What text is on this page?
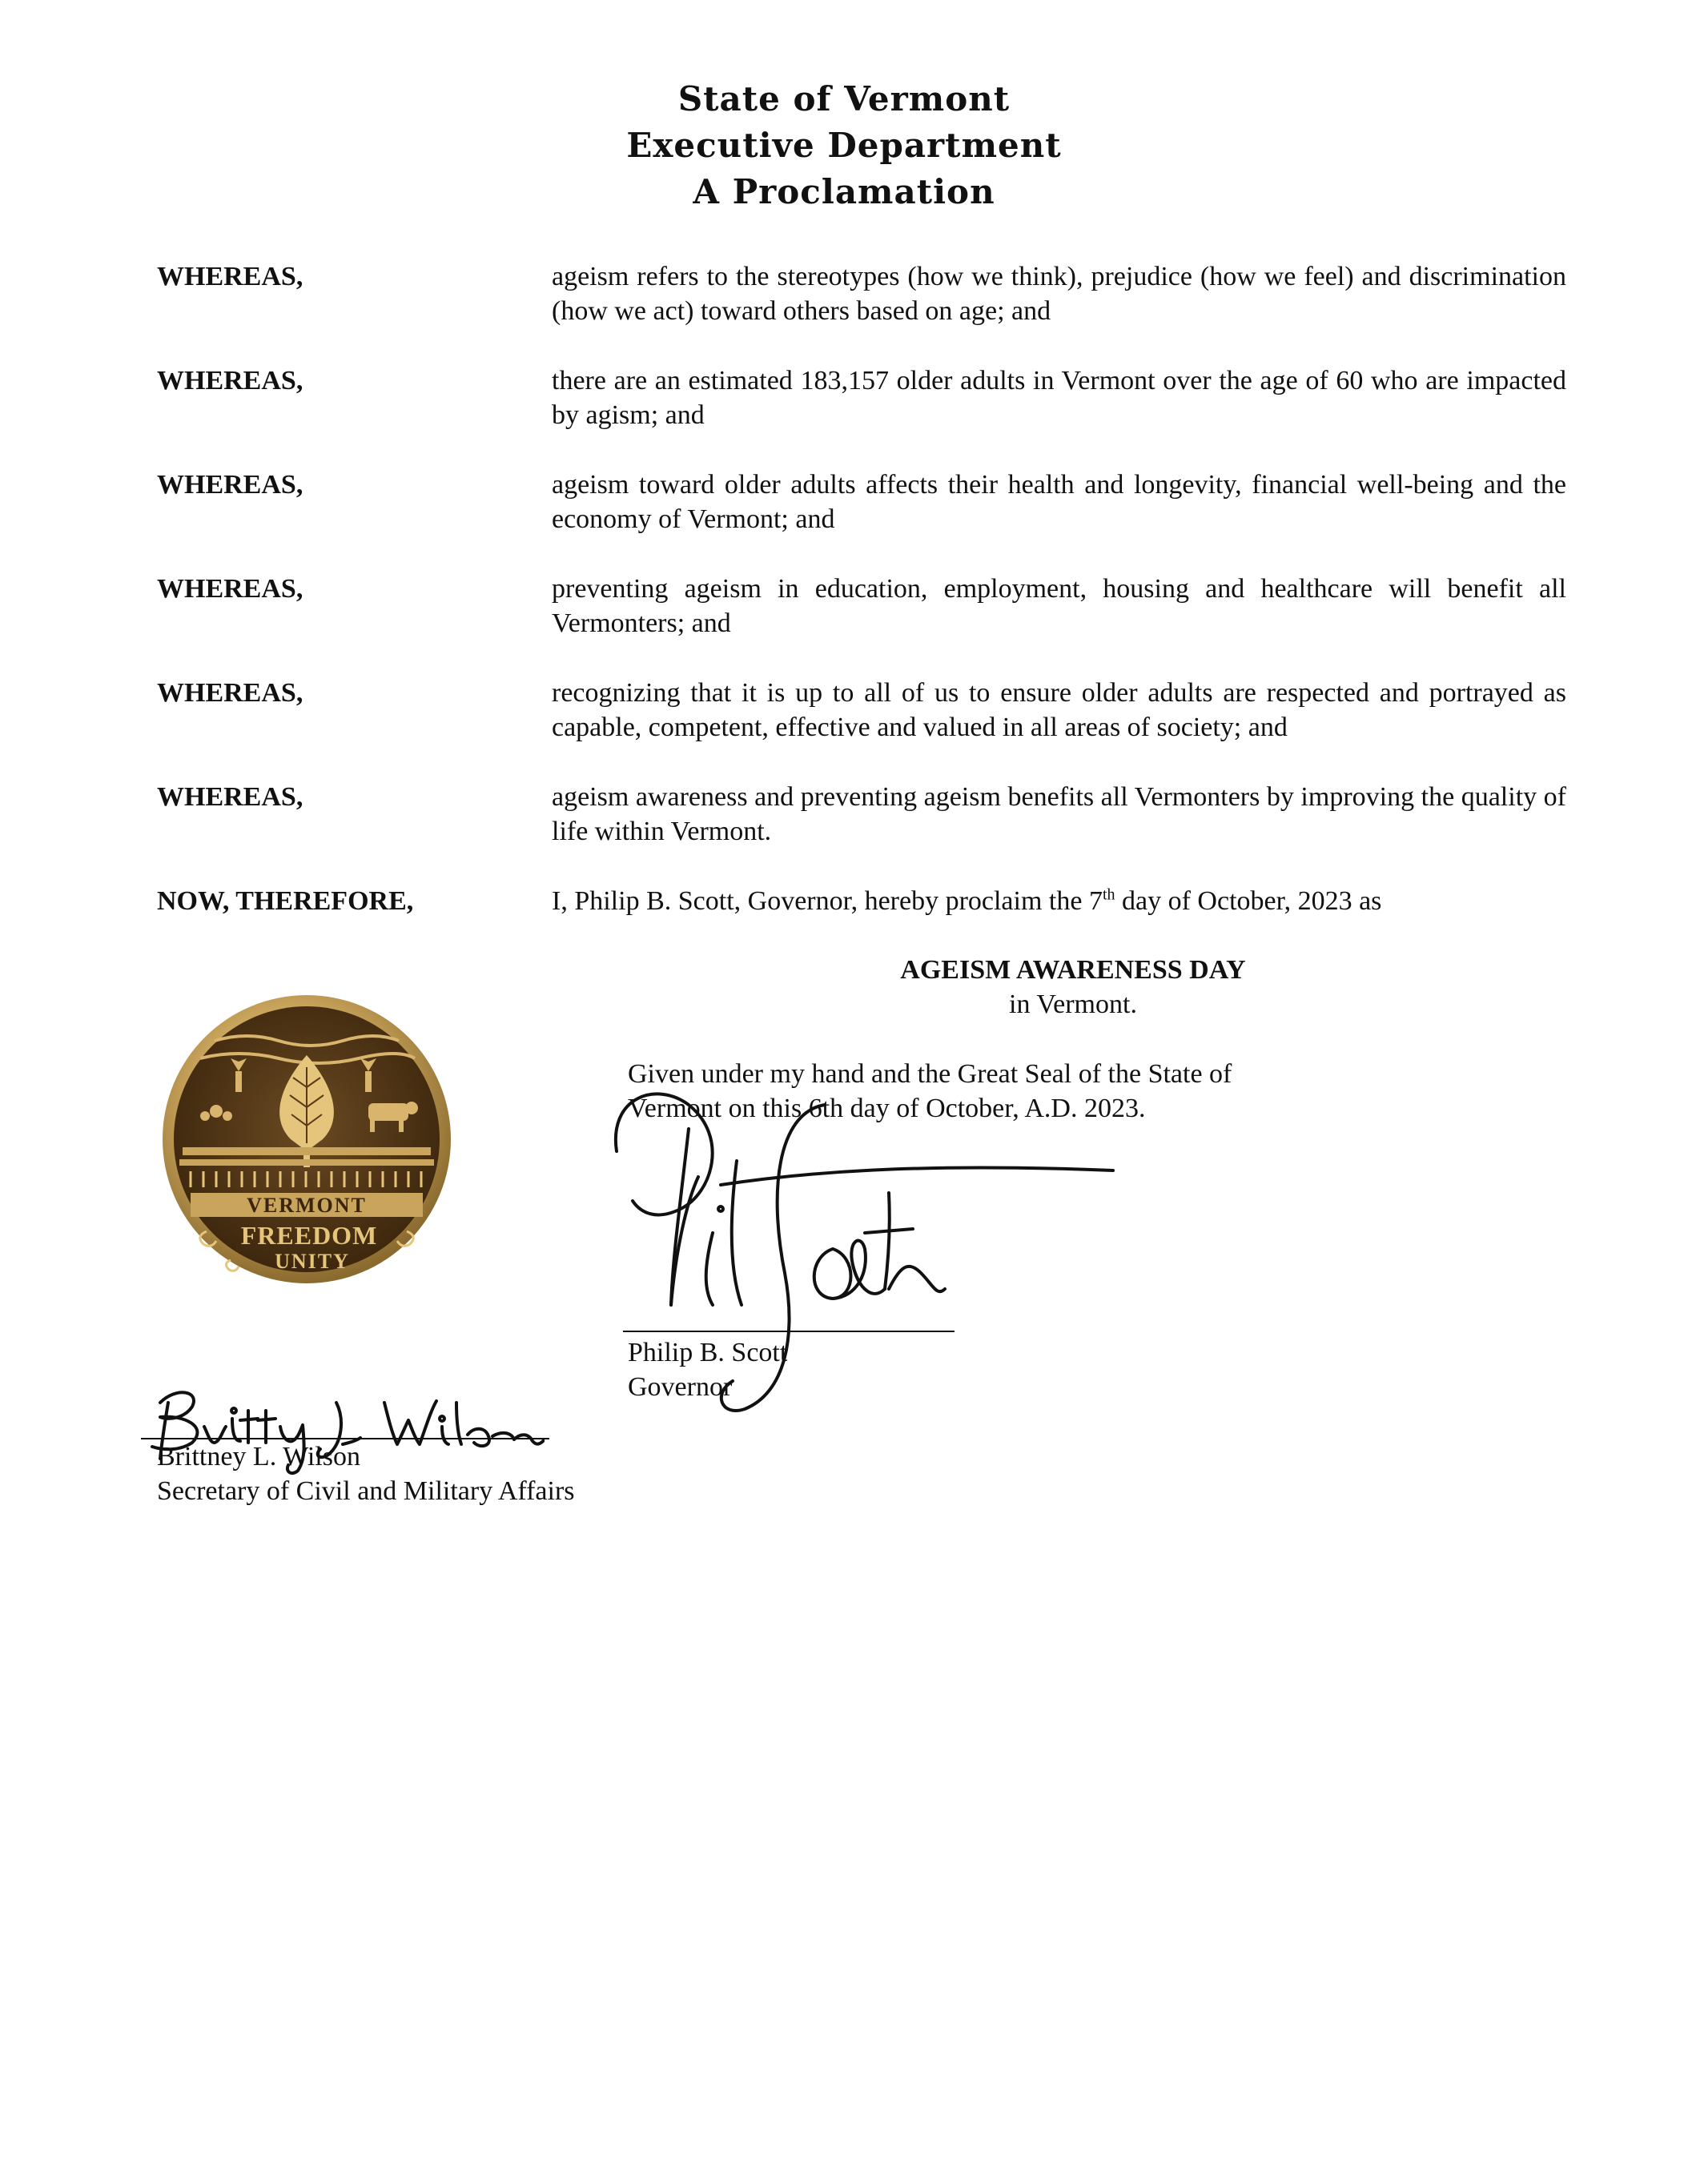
State of Vermont
Executive Department
A Proclamation
WHEREAS,	ageism refers to the stereotypes (how we think), prejudice (how we feel) and discrimination (how we act) toward others based on age; and
WHEREAS,	there are an estimated 183,157 older adults in Vermont over the age of 60 who are impacted by agism; and
WHEREAS,	ageism toward older adults affects their health and longevity, financial well-being and the economy of Vermont; and
WHEREAS,	preventing ageism in education, employment, housing and healthcare will benefit all Vermonters; and
WHEREAS,	recognizing that it is up to all of us to ensure older adults are respected and portrayed as capable, competent, effective and valued in all areas of society; and
WHEREAS,	ageism awareness and preventing ageism benefits all Vermonters by improving the quality of life within Vermont.
NOW, THEREFORE,	I, Philip B. Scott, Governor, hereby proclaim the 7th day of October, 2023 as
AGEISM AWARENESS DAY
in Vermont.
VERMONT
FREEDOM
UNITY
Given under my hand and the Great Seal of the State of
Vermont on this 6th day of October, A.D. 2023.
Philip B. Scott
Governor
Brittney L. Wilson
Secretary of Civil and Military Affairs
